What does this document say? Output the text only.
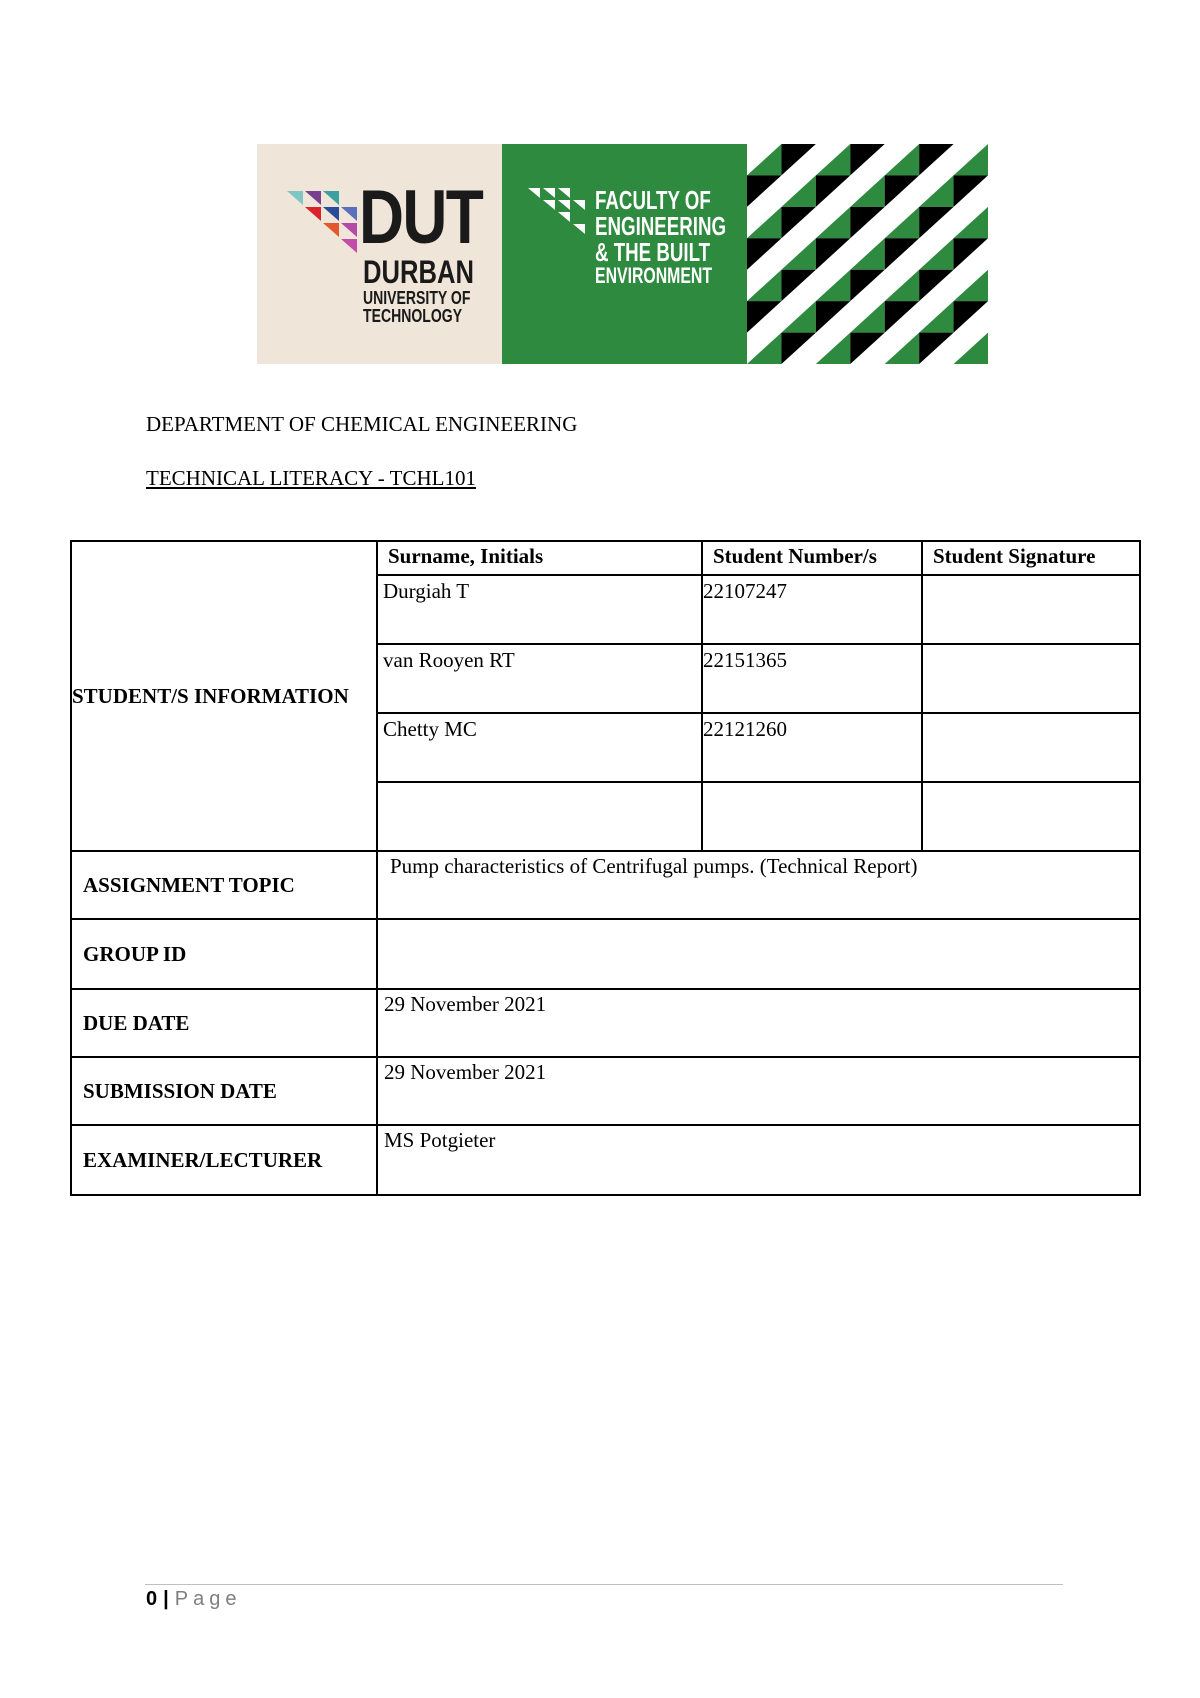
DUT
DURBAN
UNIVERSITY OF
TECHNOLOGY
FACULTY OF
ENGINEERING
& THE BUILT
ENVIRONMENT
DEPARTMENT OF CHEMICAL ENGINEERING
TECHNICAL LITERACY - TCHL101
STUDENT/S INFORMATION	Surname, Initials	Student Number/s	Student Signature
	Durgiah T	22107247	
	van Rooyen RT	22151365	
	Chetty MC	22121260	

ASSIGNMENT TOPIC	Pump characteristics of Centrifugal pumps. (Technical Report)		
GROUP ID			
DUE DATE	29 November 2021		
SUBMISSION DATE	29 November 2021		
EXAMINER/LECTURER	MS Potgieter		
0 | Page
